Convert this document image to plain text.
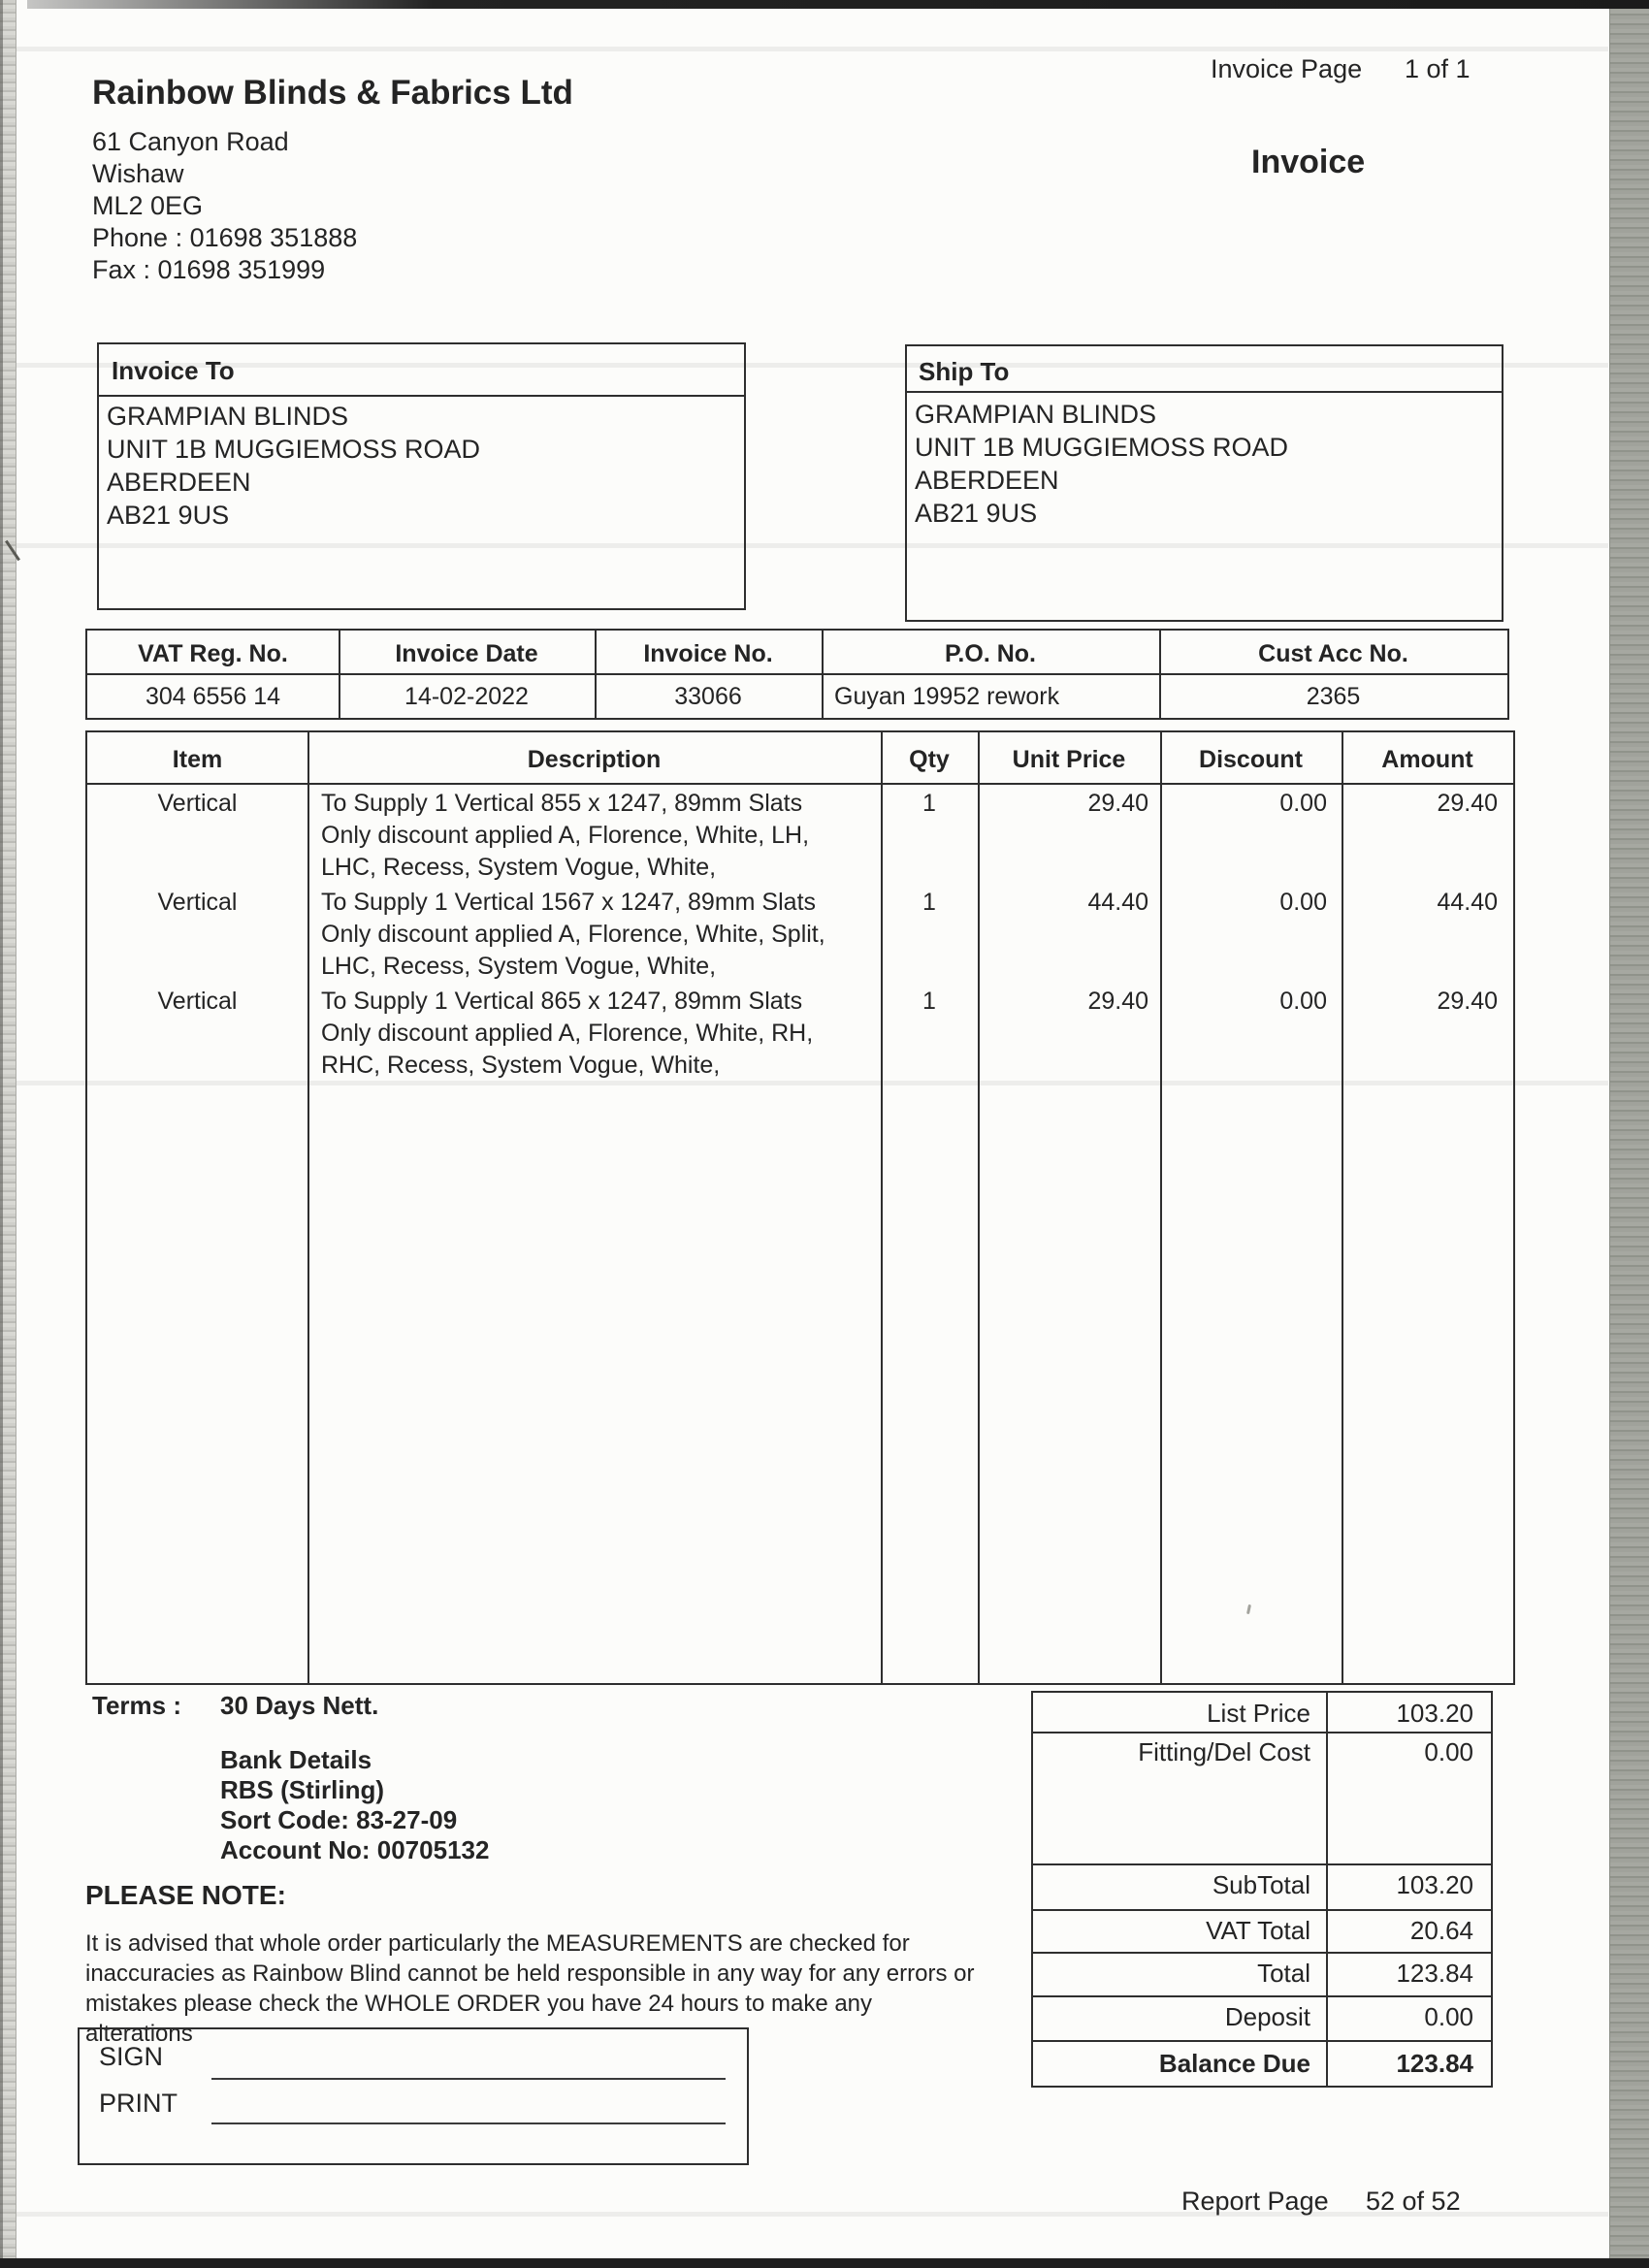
Rainbow Blinds & Fabrics Ltd
61 Canyon Road
Wishaw
ML2 0EG
Phone : 01698 351888
Fax : 01698 351999
Invoice Page 1 of 1
Invoice
Invoice To
GRAMPIAN BLINDS
UNIT 1B MUGGIEMOSS ROAD
ABERDEEN
AB21 9US
Ship To
GRAMPIAN BLINDS
UNIT 1B MUGGIEMOSS ROAD
ABERDEEN
AB21 9US
VAT Reg. No.	Invoice Date	Invoice No.	P.O. No.	Cust Acc No.
304 6556 14	14-02-2022	33066	Guyan 19952 rework	2365
Item	Description	Qty	Unit Price	Discount	Amount
Vertical	To Supply 1 Vertical 855 x 1247, 89mm Slats
Only discount applied A, Florence, White, LH,
LHC, Recess, System Vogue, White,
1	29.40	0.00	29.40
Vertical	To Supply 1 Vertical 1567 x 1247, 89mm Slats
Only discount applied A, Florence, White, Split,
LHC, Recess, System Vogue, White,
1	44.40	0.00	44.40
Vertical	To Supply 1 Vertical 865 x 1247, 89mm Slats
Only discount applied A, Florence, White, RH,
RHC, Recess, System Vogue, White,
1	29.40	0.00	29.40
Terms : 30 Days Nett.
Bank Details
RBS (Stirling)
Sort Code: 83-27-09
Account No: 00705132
PLEASE NOTE:
It is advised that whole order particularly the MEASUREMENTS are checked for
inaccuracies as Rainbow Blind cannot be held responsible in any way for any errors or
mistakes please check the WHOLE ORDER you have 24 hours to make any alterations
List Price	103.20
Fitting/Del Cost	0.00
SubTotal	103.20
VAT Total	20.64
Total	123.84
Deposit	0.00
Balance Due	123.84
SIGN
PRINT
Report Page 52 of 52
